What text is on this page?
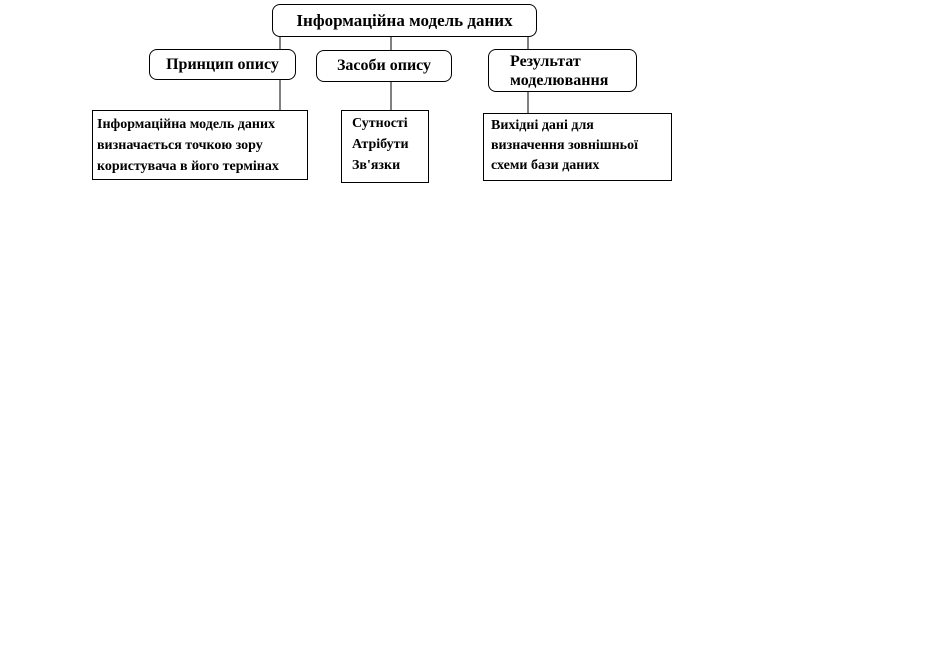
Інформаційна модель даних
Принцип опису	Засоби опису	Результат
моделювання
Інформаційна модель даних
визначається точкою зору
користувача в його термінах
Сутності
Атрібути
Зв'язки
Вихідні дані для
визначення зовнішньої
схеми бази даних
